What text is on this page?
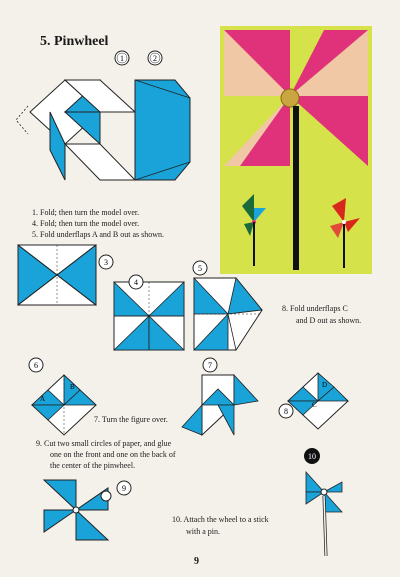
5. Pinwheel
1	2
1. Fold; then turn the model over.
4. Fold; then turn the model over.
5. Fold underflaps A and B out as shown.
3
4
5
8. Fold underflaps C
and D out as shown.
B
A
6	7
D
C
8
7. Turn the figure over.
9. Cut two small circles of paper, and glue
one on the front and one on the back of
the center of the pinwheel.
9
10
10. Attach the wheel to a stick
with a pin.
9
